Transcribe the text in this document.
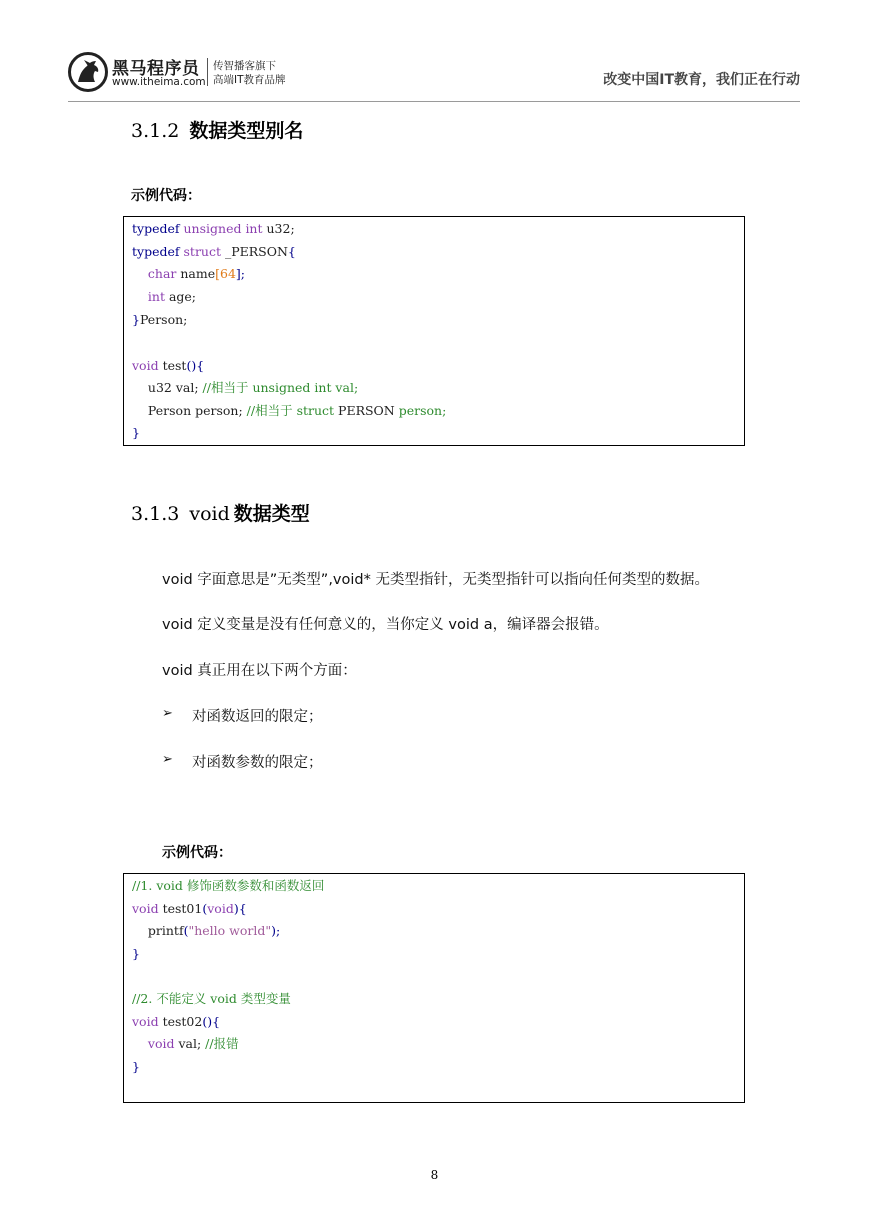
黑马程序员
www.itheima.com
传智播客旗下
高端IT教育品牌	改变中国IT教育，我们正在行动
3.1.2 数据类型别名
示例代码：
typedef unsigned int u32;
typedef struct _PERSON{
char name[64];
int age;
}Person;
void test(){
u32 val; //相当于 unsigned int val;
Person person; //相当于 struct PERSON person;
}
3.1.3 void 数据类型
void 字面意思是”无类型”,void* 无类型指针，无类型指针可以指向任何类型的数据。
void 定义变量是没有任何意义的，当你定义 void a，编译器会报错。
void 真正用在以下两个方面：
➢ 对函数返回的限定；
➢ 对函数参数的限定；
示例代码：
//1. void 修饰函数参数和函数返回
void test01(void){
printf("hello world");
}
//2. 不能定义 void 类型变量
void test02(){
void val; //报错
}
8
